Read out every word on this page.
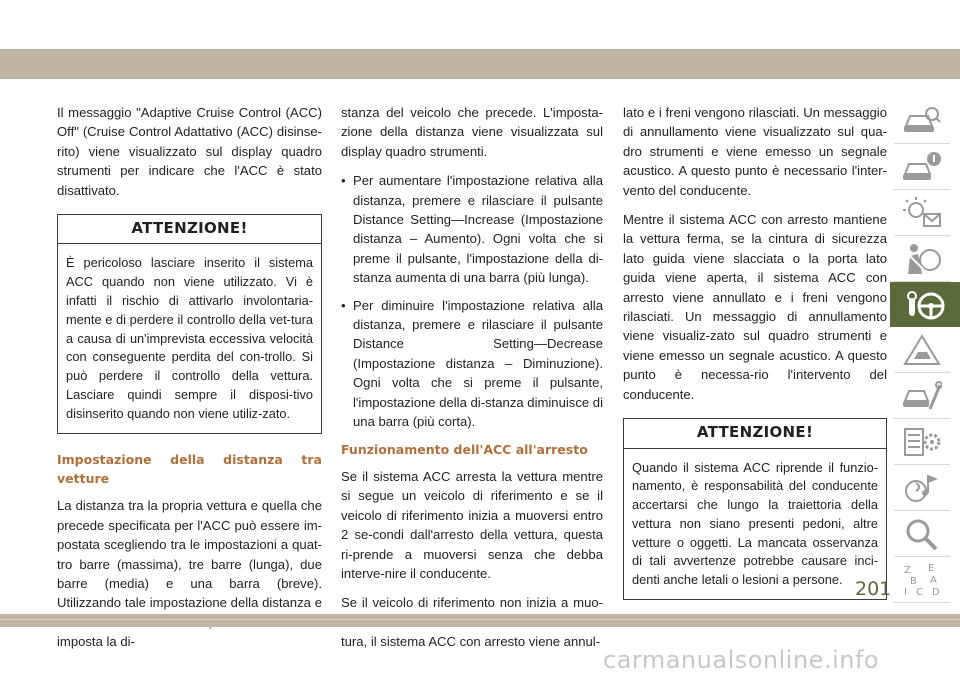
Il messaggio "Adaptive Cruise Control (ACC) Off" (Cruise Control Adattativo (ACC) disinse-rito) viene visualizzato sul display quadro strumenti per indicare che l'ACC è stato disattivato.

ATTENZIONE!
È pericoloso lasciare inserito il sistema ACC quando non viene utilizzato. Vi è infatti il rischio di attivarlo involontaria-mente e di perdere il controllo della vet-tura a causa di un'imprevista eccessiva velocità con conseguente perdita del con-trollo. Si può perdere il controllo della vettura. Lasciare quindi sempre il disposi-tivo disinserito quando non viene utiliz-zato.
Impostazione della distanza tra vetture

La distanza tra la propria vettura e quella che precede specificata per l'ACC può essere im-postata scegliendo tra le impostazioni a quat-tro barre (massima), tre barre (lunga), due barre (media) e una barra (breve). Utilizzando tale impostazione della distanza e imposta la di-

stanza del veicolo che precede. L'imposta-zione della distanza viene visualizzata sul display quadro strumenti.

• Per aumentare l'impostazione relativa alla distanza, premere e rilasciare il pulsante Distance Setting—Increase (Impostazione distanza – Aumento). Ogni volta che si preme il pulsante, l'impostazione della di-stanza aumenta di una barra (più lunga).
• Per diminuire l'impostazione relativa alla distanza, premere e rilasciare il pulsante Distance Setting—Decrease (Impostazione distanza – Diminuzione). Ogni volta che si preme il pulsante, l'impostazione della di-stanza diminuisce di una barra (più corta).
Funzionamento dell'ACC all'arresto

Se il sistema ACC arresta la vettura mentre si segue un veicolo di riferimento e se il veicolo di riferimento inizia a muoversi entro 2 se-condi dall'arresto della vettura, questa ri-prende a muoversi senza che debba interve-nire il conducente.

Se il veicolo di riferimento non inizia a muo- tura, il sistema ACC con arresto viene annul-

lato e i freni vengono rilasciati. Un messaggio di annullamento viene visualizzato sul qua-dro strumenti e viene emesso un segnale acustico. A questo punto è necessario l'inter-vento del conducente.

Mentre il sistema ACC con arresto mantiene la vettura ferma, se la cintura di sicurezza lato guida viene slacciata o la porta lato guida viene aperta, il sistema ACC con arresto viene annullato e i freni vengono rilasciati. Un messaggio di annullamento viene visualiz-zato sul quadro strumenti e viene emesso un segnale acustico. A questo punto è necessa-rio l'intervento del conducente.

ATTENZIONE!
Quando il sistema ACC riprende il funzio-namento, è responsabilità del conducente accertarsi che lungo la traiettoria della vettura non siano presenti pedoni, altre vetture o oggetti. La mancata osservanza di tali avvertenze potrebbe causare inci-denti anche letali o lesioni a persone.
Z E
B A
C D
I
201
carmanualsonline.info
